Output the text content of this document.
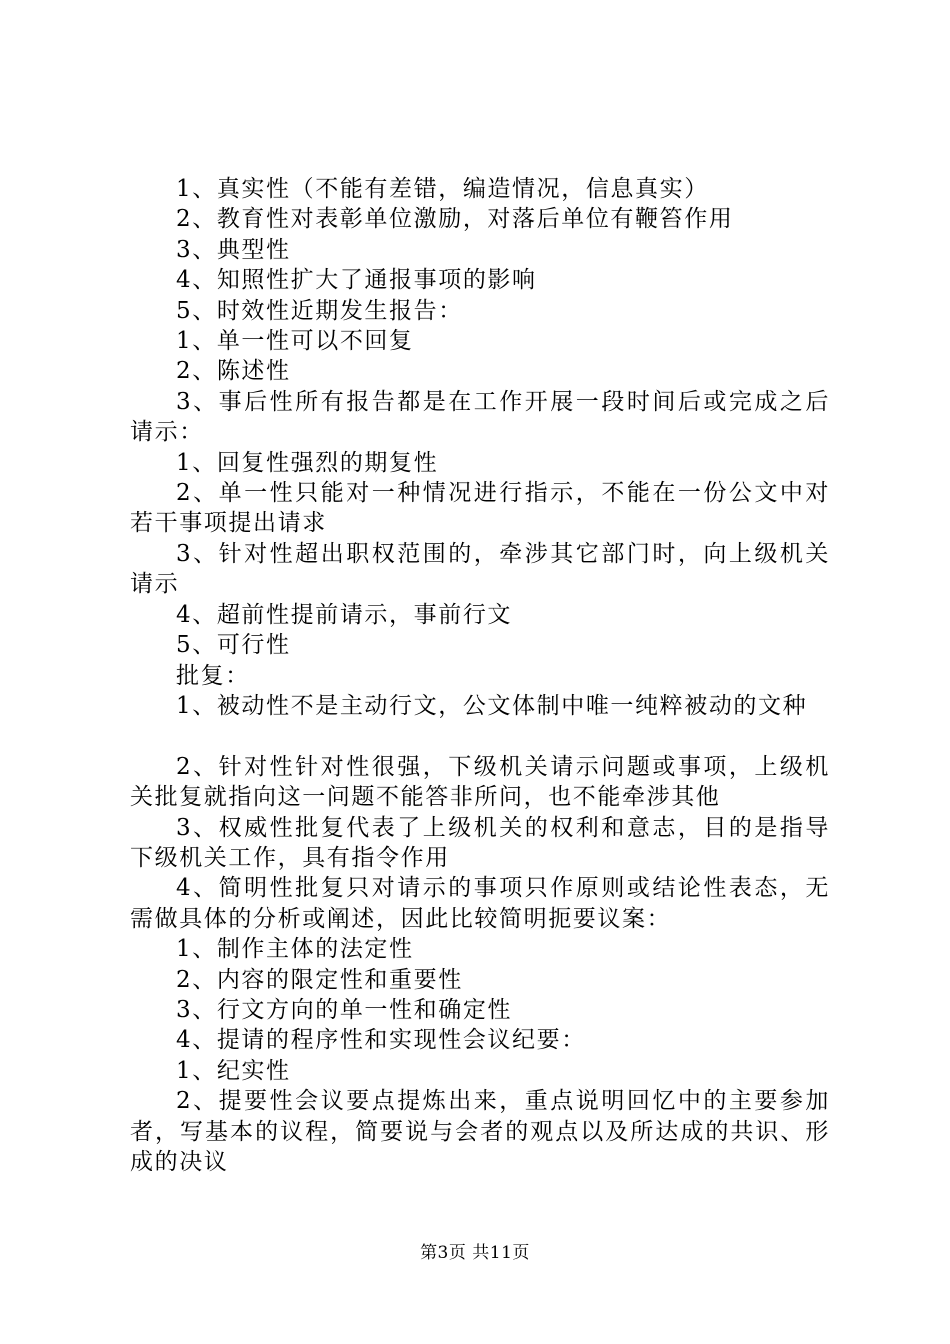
1、真实性（不能有差错，编造情况，信息真实）

2、教育性对表彰单位激励，对落后单位有鞭笞作用

3、典型性

4、知照性扩大了通报事项的影响

5、时效性近期发生报告：

1、单一性可以不回复

2、陈述性

3、事后性所有报告都是在工作开展一段时间后或完成之后请示：

1、回复性强烈的期复性

2、单一性只能对一种情况进行指示，不能在一份公文中对若干事项提出请求

3、针对性超出职权范围的，牵涉其它部门时，向上级机关请示

4、超前性提前请示，事前行文

5、可行性

批复：

1、被动性不是主动行文，公文体制中唯一纯粹被动的文种

2、针对性针对性很强，下级机关请示问题或事项，上级机关批复就指向这一问题不能答非所问，也不能牵涉其他

3、权威性批复代表了上级机关的权利和意志，目的是指导下级机关工作，具有指令作用

4、简明性批复只对请示的事项只作原则或结论性表态，无需做具体的分析或阐述，因此比较简明扼要议案：

1、制作主体的法定性

2、内容的限定性和重要性

3、行文方向的单一性和确定性

4、提请的程序性和实现性会议纪要：

1、纪实性

2、提要性会议要点提炼出来，重点说明回忆中的主要参加者，写基本的议程，简要说与会者的观点以及所达成的共识、形成的决议

第3页 共11页
